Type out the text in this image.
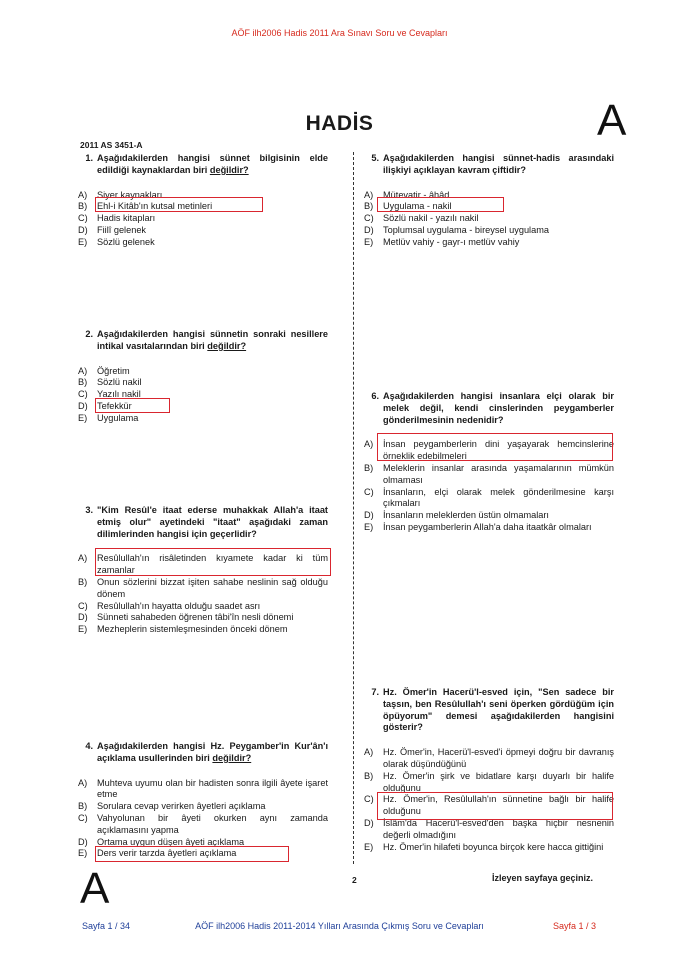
AÖF ilh2006 Hadis 2011 Ara Sınavı Soru ve Cevapları
HADİS	A
2011 AS 3451-A
1. Aşağıdakilerden hangisi sünnet bilgisinin elde edildiği kaynaklardan biri değildir?
A) Siyer kaynakları
B) Ehl-i Kitâb'ın kutsal metinleri
C) Hadis kitapları
D) Fiilî gelenek
E) Sözlü gelenek
2. Aşağıdakilerden hangisi sünnetin sonraki nesillere intikal vasıtalarından biri değildir?
A) Öğretim
B) Sözlü nakil
C) Yazılı nakil
D) Tefekkür
E) Uygulama
3. "Kim Resûl'e itaat ederse muhakkak Allah'a itaat etmiş olur" ayetindeki "itaat" aşağıdaki zaman dilimlerinden hangisi için geçerlidir?
A) Resûlullah'ın risâletinden kıyamete kadar ki tüm zamanlar
B) Onun sözlerini bizzat işiten sahabe neslinin sağ olduğu dönem
C) Resûlullah'ın hayatta olduğu saadet asrı
D) Sünneti sahabeden öğrenen tâbi'în nesli dönemi
E) Mezheplerin sistemleşmesinden önceki dönem
4. Aşağıdakilerden hangisi Hz. Peygamber'in Kur'ân'ı açıklama usullerinden biri değildir?
A) Muhteva uyumu olan bir hadisten sonra ilgili âyete işaret etme
B) Sorulara cevap verirken âyetleri açıklama
C) Vahyolunan bir âyeti okurken aynı zamanda açıklamasını yapma
D) Ortama uygun düşen âyeti açıklama
E) Ders verir tarzda âyetleri açıklama
5. Aşağıdakilerden hangisi sünnet-hadis arasındaki ilişkiyi açıklayan kavram çiftidir?
A) Mütevatir - âhâd
B) Uygulama - nakil
C) Sözlü nakil - yazılı nakil
D) Toplumsal uygulama - bireysel uygulama
E) Metlüv vahiy - gayr-ı metlüv vahiy
6. Aşağıdakilerden hangisi insanlara elçi olarak bir melek değil, kendi cinslerinden peygamberler gönderilmesinin nedenidir?
A) İnsan peygamberlerin dini yaşayarak hemcinslerine örneklik edebilmeleri
B) Meleklerin insanlar arasında yaşamalarının mümkün olmaması
C) İnsanların, elçi olarak melek gönderilmesine karşı çıkmaları
D) İnsanların meleklerden üstün olmamaları
E) İnsan peygamberlerin Allah'a daha itaatkâr olmaları
7. Hz. Ömer'in Hacerü'l-esved için, "Sen sadece bir taşsın, ben Resûlullah'ı seni öperken gördüğüm için öpüyorum" demesi aşağıdakilerden hangisini gösterir?
A) Hz. Ömer'in, Hacerü'l-esved'i öpmeyi doğru bir davranış olarak düşündüğünü
B) Hz. Ömer'in şirk ve bidatlare karşı duyarlı bir halife olduğunu
C) Hz. Ömer'in, Resûlullah'ın sünnetine bağlı bir halife olduğunu
D) İslâm'da Hacerü'l-esved'den başka hiçbir nesnenin değerli olmadığını
E) Hz. Ömer'in hilafeti boyunca birçok kere hacca gittiğini
2	İzleyen sayfaya geçiniz.
A
Sayfa 1 / 34	AÖF ilh2006 Hadis 2011-2014 Yılları Arasında Çıkmış Soru ve Cevapları	Sayfa 1 / 3
